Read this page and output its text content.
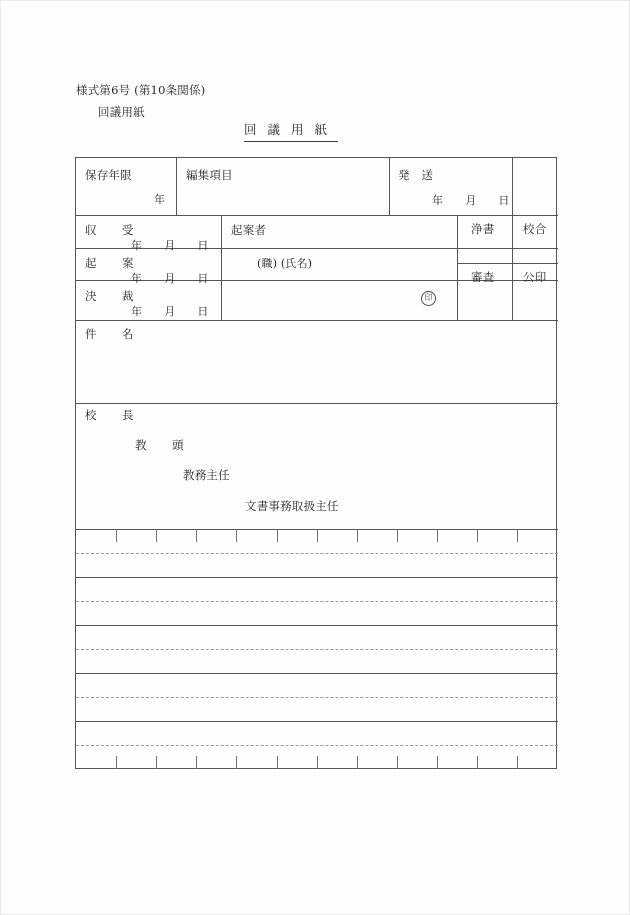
様式第6号 (第10条関係)
回議用紙
回議用紙
保存年限
年
編集項目	発　送
年 月 日
収　受
年 月 日
起　案
年 月 日
決　裁
年 月 日
起案者
(職) (氏名)
印
浄書 校合
審査 公印
件　名
校　長
教　頭
教務主任
文書事務取扱主任
